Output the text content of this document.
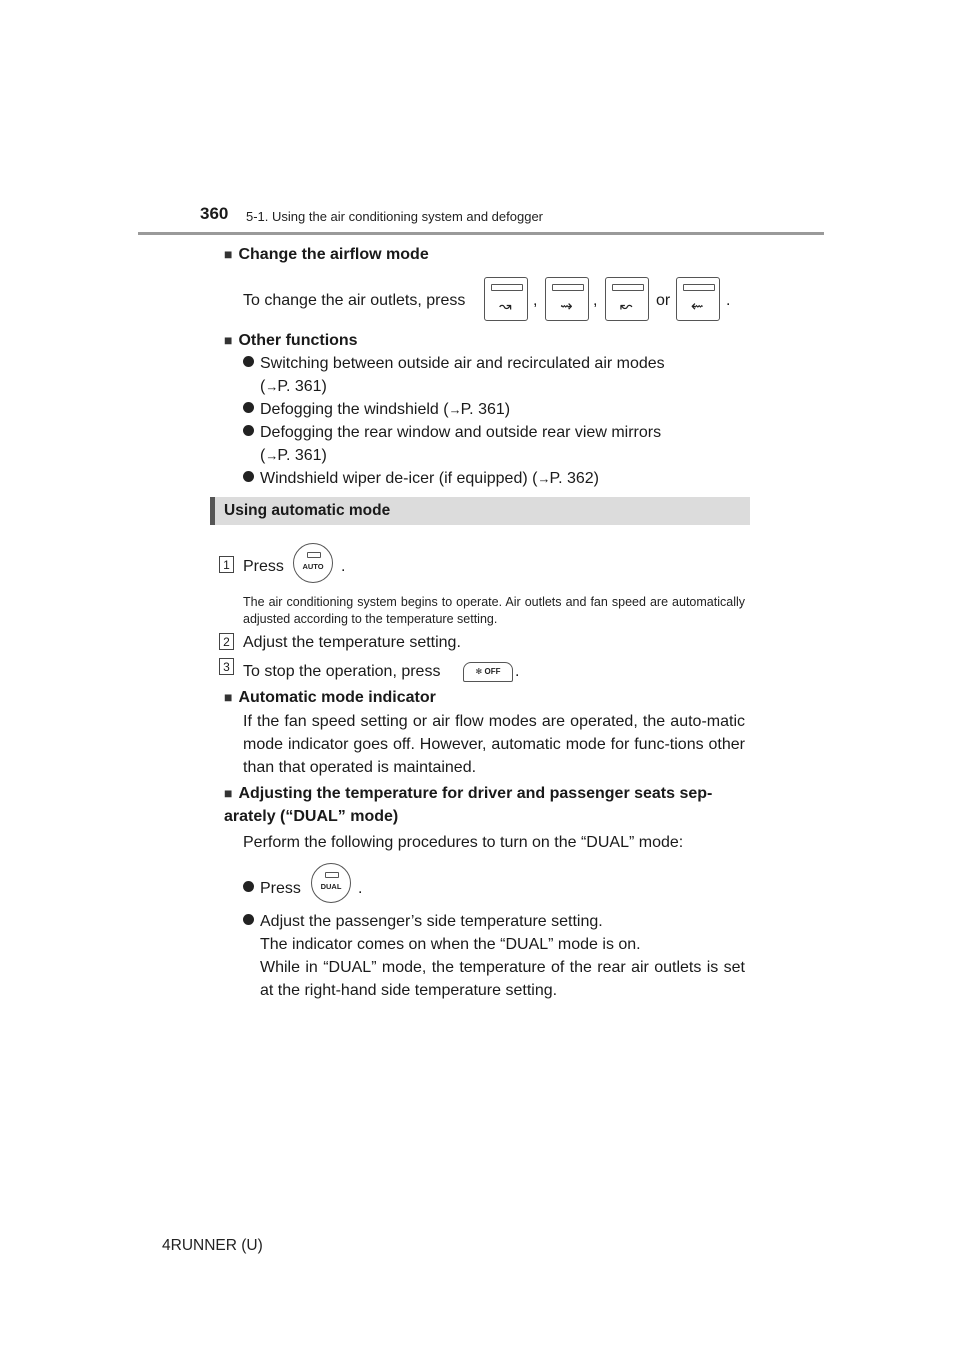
360 5-1. Using the air conditioning system and defogger
■ Change the airflow mode
To change the air outlets, press ↝ , ⇝ , ↜ or ⇜ .
■ Other functions
Switching between outside air and recirculated air modes
(→P. 361)
Defogging the windshield (→P. 361)
Defogging the rear window and outside rear view mirrors
(→P. 361)
Windshield wiper de-icer (if equipped) (→P. 362)
Using automatic mode
1 Press	AUTO	.
The air conditioning system begins to operate. Air outlets and fan speed are automatically adjusted according to the temperature setting.
2 Adjust the temperature setting.
3 To stop the operation, press	✻ OFF .
■ Automatic mode indicator
If the fan speed setting or air flow modes are operated, the auto-matic mode indicator goes off. However, automatic mode for func-tions other than that operated is maintained.
■ Adjusting the temperature for driver and passenger seats sep-arately (“DUAL” mode)
Perform the following procedures to turn on the “DUAL” mode:
Press	DUAL	.
Adjust the passenger’s side temperature setting.
The indicator comes on when the “DUAL” mode is on.
While in “DUAL” mode, the temperature of the rear air outlets is set at the right-hand side temperature setting.
4RUNNER (U)
